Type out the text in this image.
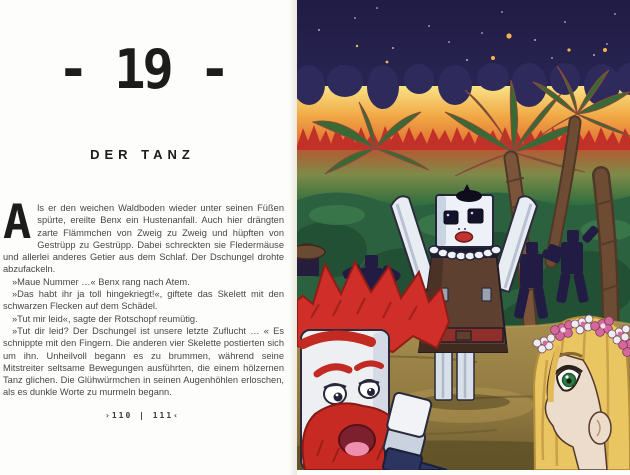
- 19 -
DER TANZ

Als er den weichen Waldboden wieder unter seinen Füßen spürte, ereilte Benx ein Hustenanfall. Auch hier drängten zarte Flämmchen von Zweig zu Zweig und hüpften von Gestrüpp zu Gestrüpp. Dabei schreckten sie Fledermäuse und allerlei anderes Getier aus dem Schlaf. Der Dschungel drohte abzufackeln.

»Maue Nummer …« Benx rang nach Atem.

»Das habt ihr ja toll hingekriegt!«, giftete das Skelett mit den schwarzen Flecken auf dem Schädel.

»Tut mir leid«, sagte der Rotschopf reumütig.

»Tut dir leid? Der Dschungel ist unsere letzte Zuflucht … « Es schnippte mit den Fingern. Die anderen vier Skelette postierten sich um ihn. Unheilvoll begann es zu brummen, während seine Mitstreiter seltsame Bewegungen ausführten, die einem hölzernen Tanz glichen. Die Glühwürmchen in seinen Augenhöhlen erloschen, als es dunkle Worte zu murmeln begann.

›110 | 111‹
